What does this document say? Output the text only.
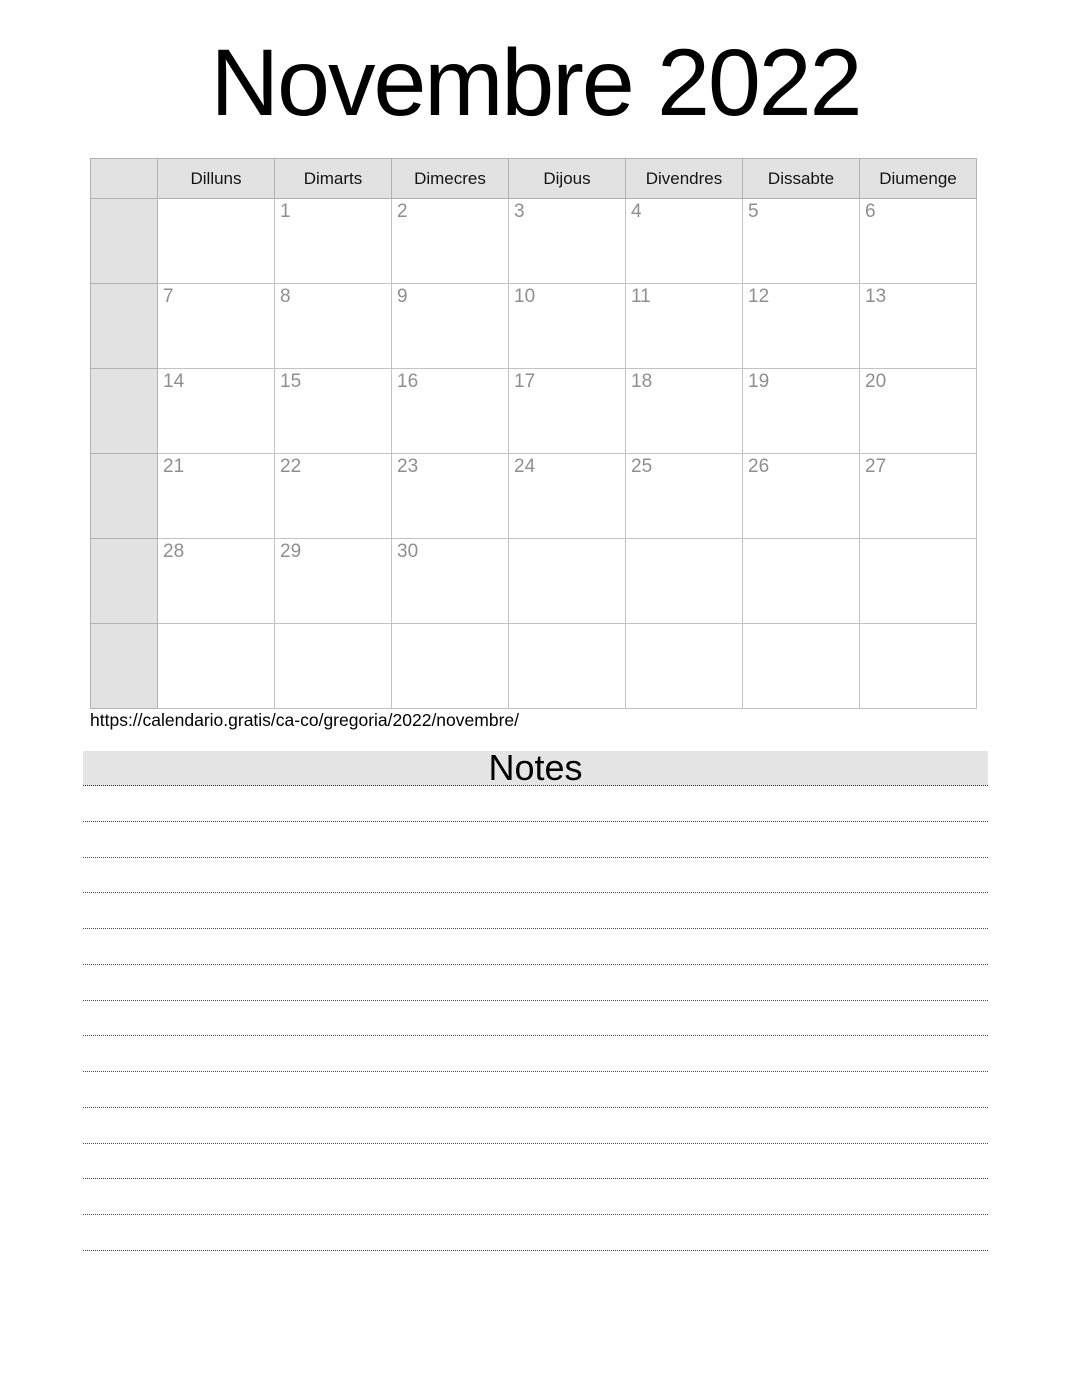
Novembre 2022
	Dilluns	Dimarts	Dimecres	Dijous	Divendres	Dissabte	Diumenge
		1	2	3	4	5	6
	7	8	9	10	11	12	13
	14	15	16	17	18	19	20
	21	22	23	24	25	26	27
	28	29	30				

https://calendario.gratis/ca-co/gregoria/2022/novembre/
Notes
